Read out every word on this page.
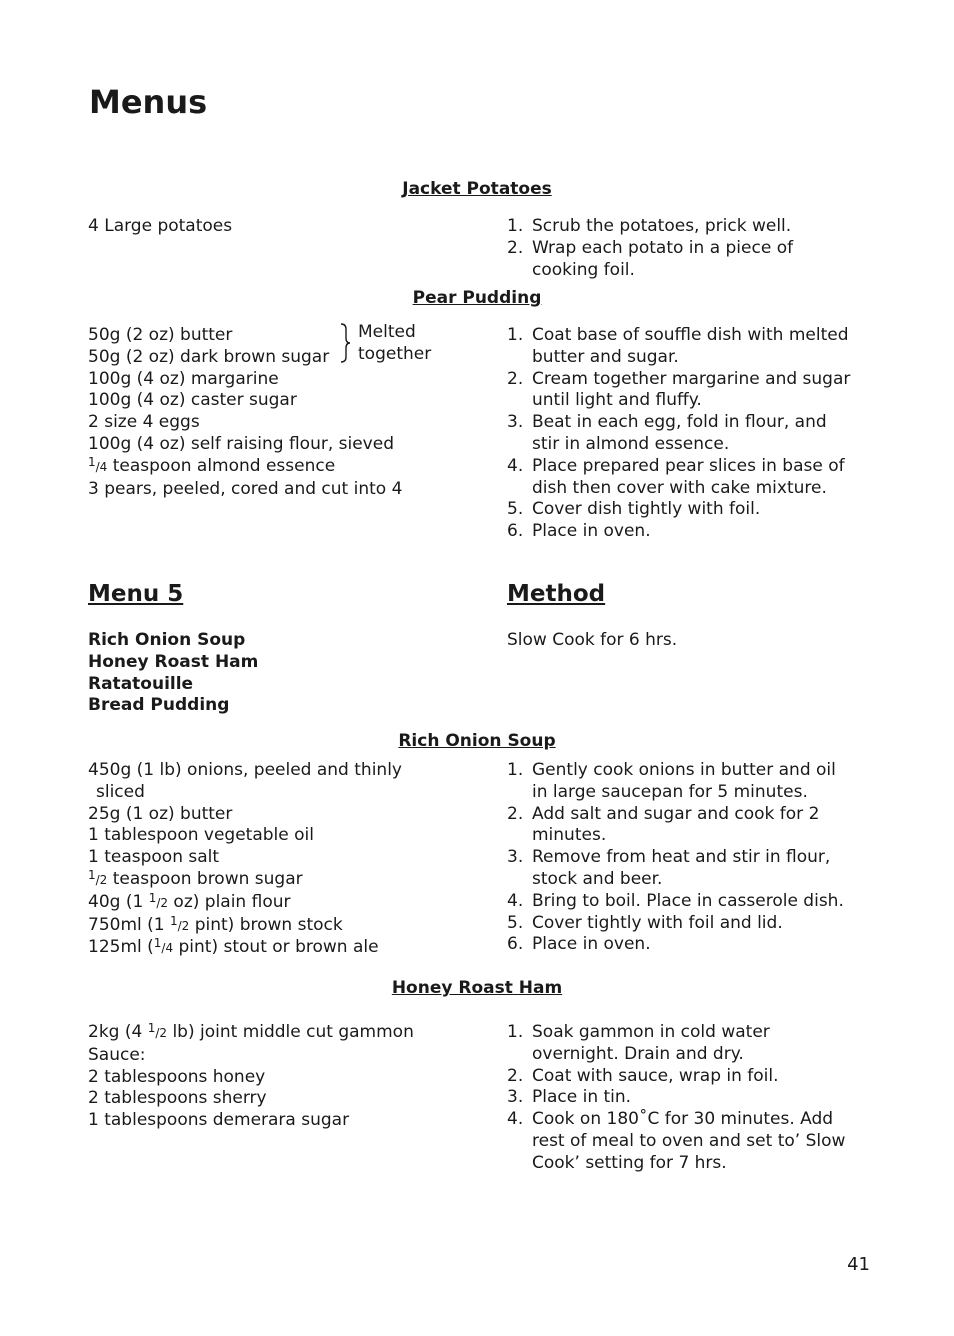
Menus
Jacket Potatoes
4 Large potatoes	1. Scrub the potatoes, prick well.
2. Wrap each potato in a piece of cooking foil.
Pear Pudding
50g (2 oz) butter
50g (2 oz) dark brown sugar
100g (4 oz) margarine
100g (4 oz) caster sugar
2 size 4 eggs
100g (4 oz) self raising flour, sieved
$^1$/4 teaspoon almond essence
3 pears, peeled, cored and cut into 4
Melted
together
1. Coat base of souffle dish with melted butter and sugar.
2. Cream together margarine and sugar until light and fluffy.
3. Beat in each egg, fold in flour, and stir in almond essence.
4. Place prepared pear slices in base of dish then cover with cake mixture.
5. Cover dish tightly with foil.
6. Place in oven.
Menu 5	Method
Rich Onion Soup
Honey Roast Ham
Ratatouille
Bread Pudding
Slow Cook for 6 hrs.
Rich Onion Soup
450g (1 lb) onions, peeled and thinly
sliced
25g (1 oz) butter
1 tablespoon vegetable oil
1 teaspoon salt
$^1$/2 teaspoon brown sugar
40g (1 $^1$/2 oz) plain flour
750ml (1 $^1$/2 pint) brown stock
125ml ($^1$/4 pint) stout or brown ale
1. Gently cook onions in butter and oil in large saucepan for 5 minutes.
2. Add salt and sugar and cook for 2 minutes.
3. Remove from heat and stir in flour, stock and beer.
4. Bring to boil. Place in casserole dish.
5. Cover tightly with foil and lid.
6. Place in oven.
Honey Roast Ham
2kg (4 $^1$/2 lb) joint middle cut gammon
Sauce:
2 tablespoons honey
2 tablespoons sherry
1 tablespoons demerara sugar
1. Soak gammon in cold water overnight. Drain and dry.
2. Coat with sauce, wrap in foil.
3. Place in tin.
4. Cook on 180˚C for 30 minutes. Add rest of meal to oven and set to’ Slow Cook’ setting for 7 hrs.
41
